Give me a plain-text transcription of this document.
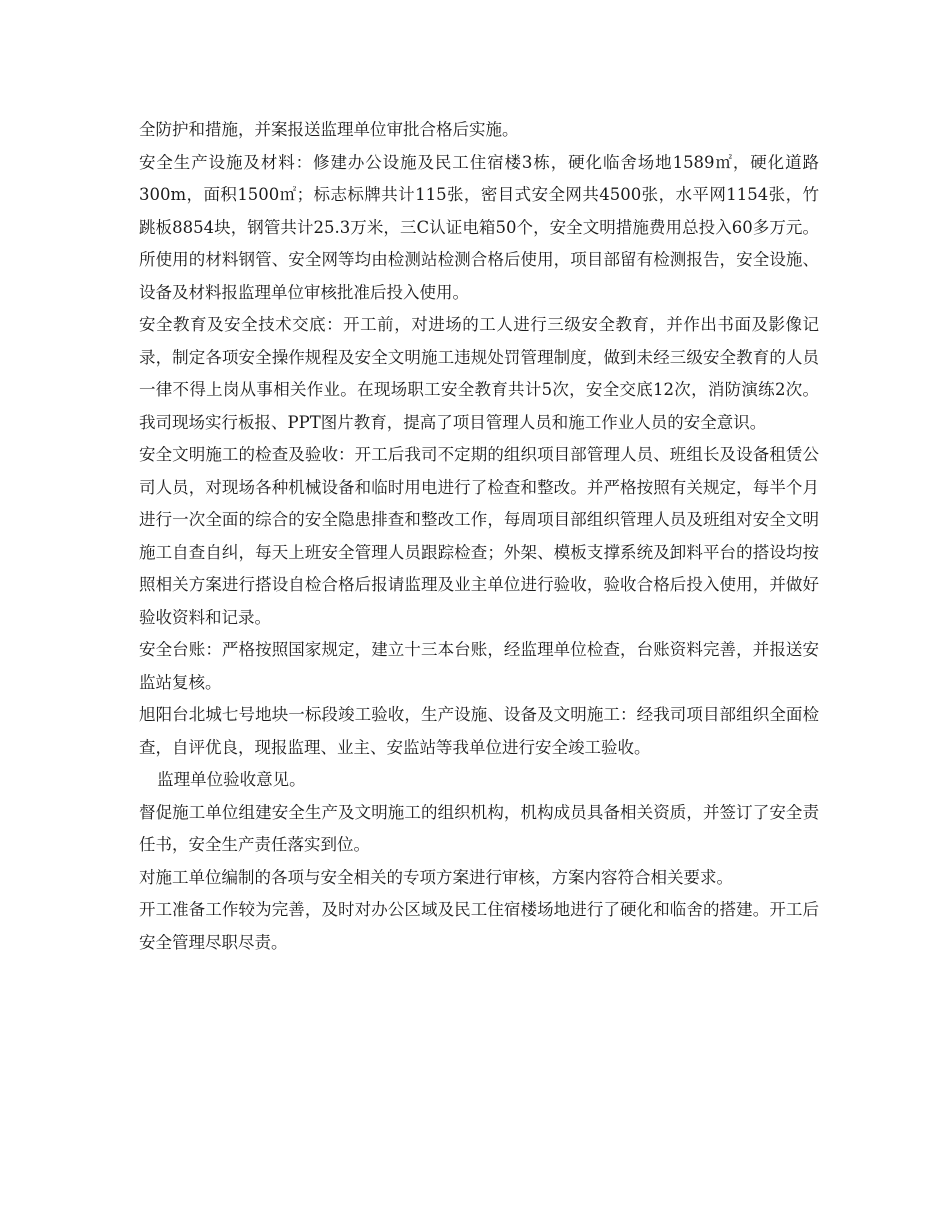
全防护和措施，并案报送监理单位审批合格后实施。

安全生产设施及材料：修建办公设施及民工住宿楼3栋，硬化临舍场地1589㎡，硬化道路300m，面积1500㎡；标志标牌共计115张，密目式安全网共4500张，水平网1154张，竹跳板8854块，钢管共计25.3万米，三C认证电箱50个，安全文明措施费用总投入60多万元。所使用的材料钢管、安全网等均由检测站检测合格后使用，项目部留有检测报告，安全设施、设备及材料报监理单位审核批准后投入使用。

安全教育及安全技术交底：开工前，对进场的工人进行三级安全教育，并作出书面及影像记录，制定各项安全操作规程及安全文明施工违规处罚管理制度，做到未经三级安全教育的人员一律不得上岗从事相关作业。在现场职工安全教育共计5次，安全交底12次，消防演练2次。我司现场实行板报、PPT图片教育，提高了项目管理人员和施工作业人员的安全意识。

安全文明施工的检查及验收：开工后我司不定期的组织项目部管理人员、班组长及设备租赁公司人员，对现场各种机械设备和临时用电进行了检查和整改。并严格按照有关规定，每半个月进行一次全面的综合的安全隐患排查和整改工作，每周项目部组织管理人员及班组对安全文明施工自查自纠，每天上班安全管理人员跟踪检查；外架、模板支撑系统及卸料平台的搭设均按照相关方案进行搭设自检合格后报请监理及业主单位进行验收，验收合格后投入使用，并做好验收资料和记录。

安全台账：严格按照国家规定，建立十三本台账，经监理单位检查，台账资料完善，并报送安监站复核。

旭阳台北城七号地块一标段竣工验收，生产设施、设备及文明施工：经我司项目部组织全面检查，自评优良，现报监理、业主、安监站等我单位进行安全竣工验收。

监理单位验收意见。

督促施工单位组建安全生产及文明施工的组织机构，机构成员具备相关资质，并签订了安全责任书，安全生产责任落实到位。

对施工单位编制的各项与安全相关的专项方案进行审核，方案内容符合相关要求。

开工准备工作较为完善，及时对办公区域及民工住宿楼场地进行了硬化和临舍的搭建。开工后安全管理尽职尽责。
